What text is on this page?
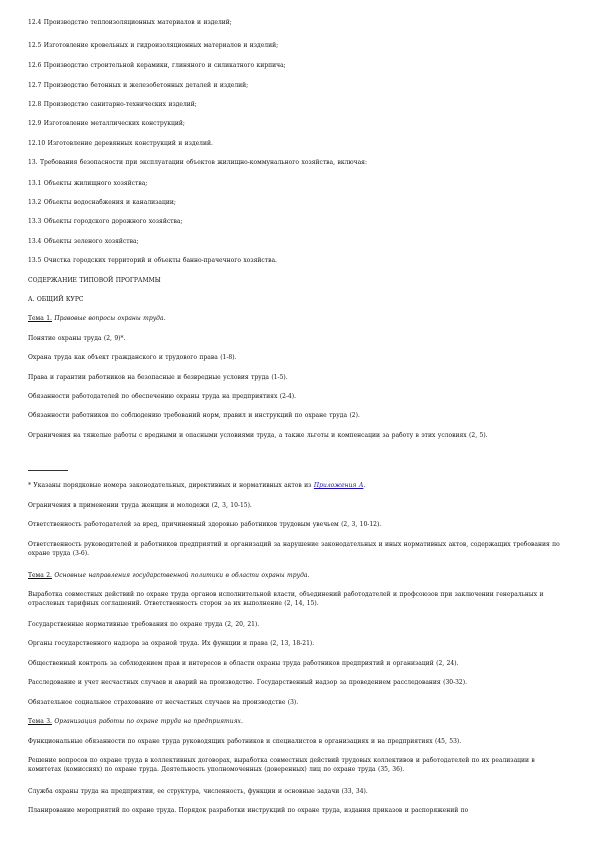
12.4 Производство теплоизоляционных материалов и изделий;
12.5 Изготовление кровельных и гидроизоляционных материалов и изделий;
12.6 Производство строительной керамики, глиняного и силикатного кирпича;
12.7 Производство бетонных и железобетонных деталей и изделий;
12.8 Производство санитарно-технических изделий;
12.9 Изготовление металлических конструкций;
12.10 Изготовление деревянных конструкций и изделий.
13. Требования безопасности при эксплуатации объектов жилищно-коммунального хозяйства, включая:
13.1 Объекты жилищного хозяйства;
13.2 Объекты водоснабжения и канализации;
13.3 Объекты городского дорожного хозяйства;
13.4 Объекты зеленого хозяйства;
13.5 Очистка городских территорий и объекты банно-прачечного хозяйства.
СОДЕРЖАНИЕ ТИПОВОЙ ПРОГРАММЫ
А. ОБЩИЙ КУРС
Тема 1. Правовые вопросы охраны труда.
Понятие охраны труда (2, 9)*.
Охрана труда как объект гражданского и трудового права (1-8).
Права и гарантии работников на безопасные и безвредные условия труда (1-5).
Обязанности работодателей по обеспечению охраны труда на предприятиях (2-4).
Обязанности работников по соблюдению требований норм, правил и инструкций по охране труда (2).
Ограничения на тяжелые работы с вредными и опасными условиями труда, а также льготы и компенсации за работу в этих условиях (2, 5).
* Указаны порядковые номера законодательных, директивных и нормативных актов из Приложения А.
Ограничения в применении труда женщин и молодежи (2, 3, 10-15).
Ответственность работодателей за вред, причиненный здоровью работников трудовым увечьем (2, 3, 10-12).
Ответственность руководителей и работников предприятий и организаций за нарушение законодательных и иных нормативных актов, содержащих требования по охране труда (3-6).
Тема 2. Основные направления государственной политики в области охраны труда.
Выработка совместных действий по охране труда органов исполнительной власти, объединений работодателей и профсоюзов при заключении генеральных и отраслевых тарифных соглашений. Ответственность сторон за их выполнение (2, 14, 15).
Государственные нормативные требования по охране труда (2, 20, 21).
Органы государственного надзора за охраной труда. Их функции и права (2, 13, 18-21).
Общественный контроль за соблюдением прав и интересов в области охраны труда работников предприятий и организаций (2, 24).
Расследование и учет несчастных случаев и аварий на производстве. Государственный надзор за проведением расследования (30-32).
Обязательное социальное страхование от несчастных случаев на производстве (3).
Тема 3. Организация работы по охране труда на предприятиях.
Функциональные обязанности по охране труда руководящих работников и специалистов в организациях и на предприятиях (45, 53).
Решение вопросов по охране труда в коллективных договорах, выработка совместных действий трудовых коллективов и работодателей по их реализации в комитетах (комиссиях) по охране труда. Деятельность уполномоченных (доверенных) лиц по охране труда (35, 36).
Служба охраны труда на предприятии, ее структура, численность, функции и основные задачи (33, 34).
Планирование мероприятий по охране труда. Порядок разработки инструкций по охране труда, издания приказов и распоряжений по
